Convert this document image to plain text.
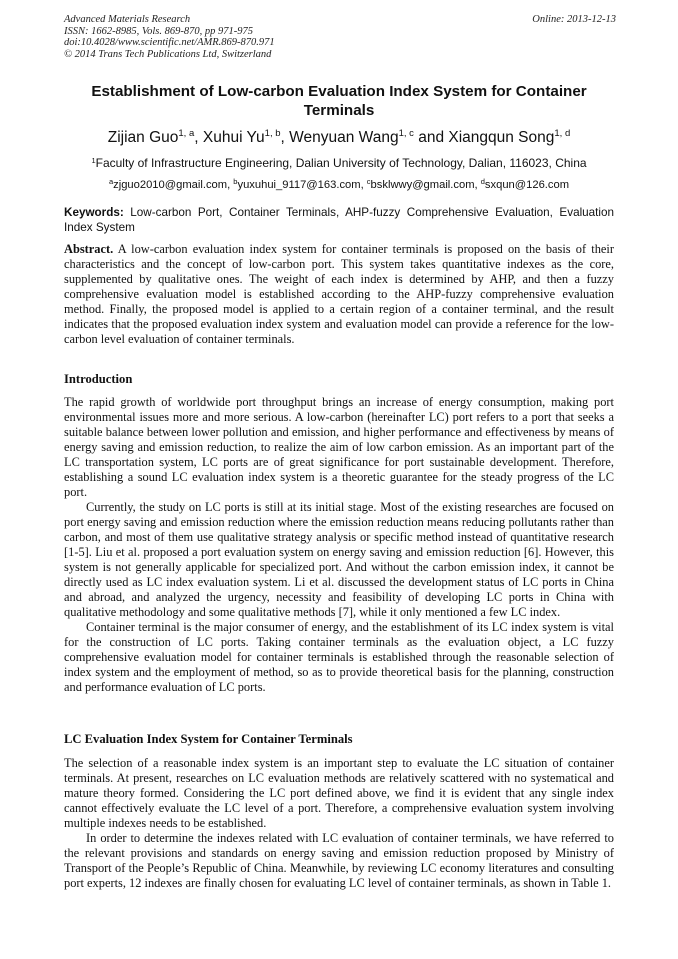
Advanced Materials Research
ISSN: 1662-8985, Vols. 869-870, pp 971-975
doi:10.4028/www.scientific.net/AMR.869-870.971
© 2014 Trans Tech Publications Ltd, Switzerland
Online: 2013-12-13
Establishment of Low-carbon Evaluation Index System for Container Terminals
Zijian Guo$^{1, a}$, Xuhui Yu$^{1, b}$, Wenyuan Wang$^{1, c}$ and Xiangqun Song$^{1, d}$
$^1$Faculty of Infrastructure Engineering, Dalian University of Technology, Dalian, 116023, China
$^a$zjguo2010@gmail.com, $^b$yuxuhui_9117@163.com, $^c$bsklwwy@gmail.com, $^d$sxqun@126.com
Keywords: Low-carbon Port, Container Terminals, AHP-fuzzy Comprehensive Evaluation, Evaluation Index System
Abstract. A low-carbon evaluation index system for container terminals is proposed on the basis of their characteristics and the concept of low-carbon port. This system takes quantitative indexes as the core, supplemented by qualitative ones. The weight of each index is determined by AHP, and then a fuzzy comprehensive evaluation model is established according to the AHP-fuzzy comprehensive evaluation method. Finally, the proposed model is applied to a certain region of a container terminal, and the result indicates that the proposed evaluation index system and evaluation model can provide a reference for the low-carbon level evaluation of container terminals.
Introduction

The rapid growth of worldwide port throughput brings an increase of energy consumption, making port environmental issues more and more serious. A low-carbon (hereinafter LC) port refers to a port that seeks a suitable balance between lower pollution and emission, and higher performance and effectiveness by means of energy saving and emission reduction, to realize the aim of low carbon emission. As an important part of the LC transportation system, LC ports are of great significance for port sustainable development. Therefore, establishing a sound LC evaluation index system is a theoretic guarantee for the steady progress of the LC port.

Currently, the study on LC ports is still at its initial stage. Most of the existing researches are focused on port energy saving and emission reduction where the emission reduction means reducing pollutants rather than carbon, and most of them use qualitative strategy analysis or specific method instead of quantitative research [1-5]. Liu et al. proposed a port evaluation system on energy saving and emission reduction [6]. However, this system is not generally applicable for specialized port. And without the carbon emission index, it cannot be directly used as LC index evaluation system. Li et al. discussed the development status of LC ports in China and abroad, and analyzed the urgency, necessity and feasibility of developing LC ports in China with qualitative methodology and some qualitative methods [7], while it only mentioned a few LC index.

Container terminal is the major consumer of energy, and the establishment of its LC index system is vital for the construction of LC ports. Taking container terminals as the evaluation object, a LC fuzzy comprehensive evaluation model for container terminals is established through the reasonable selection of index system and the employment of method, so as to provide theoretical basis for the planning, construction and performance evaluation of LC ports.

LC Evaluation Index System for Container Terminals

The selection of a reasonable index system is an important step to evaluate the LC situation of container terminals. At present, researches on LC evaluation methods are relatively scattered with no systematical and mature theory formed. Considering the LC port defined above, we find it is evident that any single index cannot effectively evaluate the LC level of a port. Therefore, a comprehensive evaluation system involving multiple indexes needs to be established.

In order to determine the indexes related with LC evaluation of container terminals, we have referred to the relevant provisions and standards on energy saving and emission reduction proposed by Ministry of Transport of the People’s Republic of China. Meanwhile, by reviewing LC economy literatures and consulting port experts, 12 indexes are finally chosen for evaluating LC level of container terminals, as shown in Table 1.
